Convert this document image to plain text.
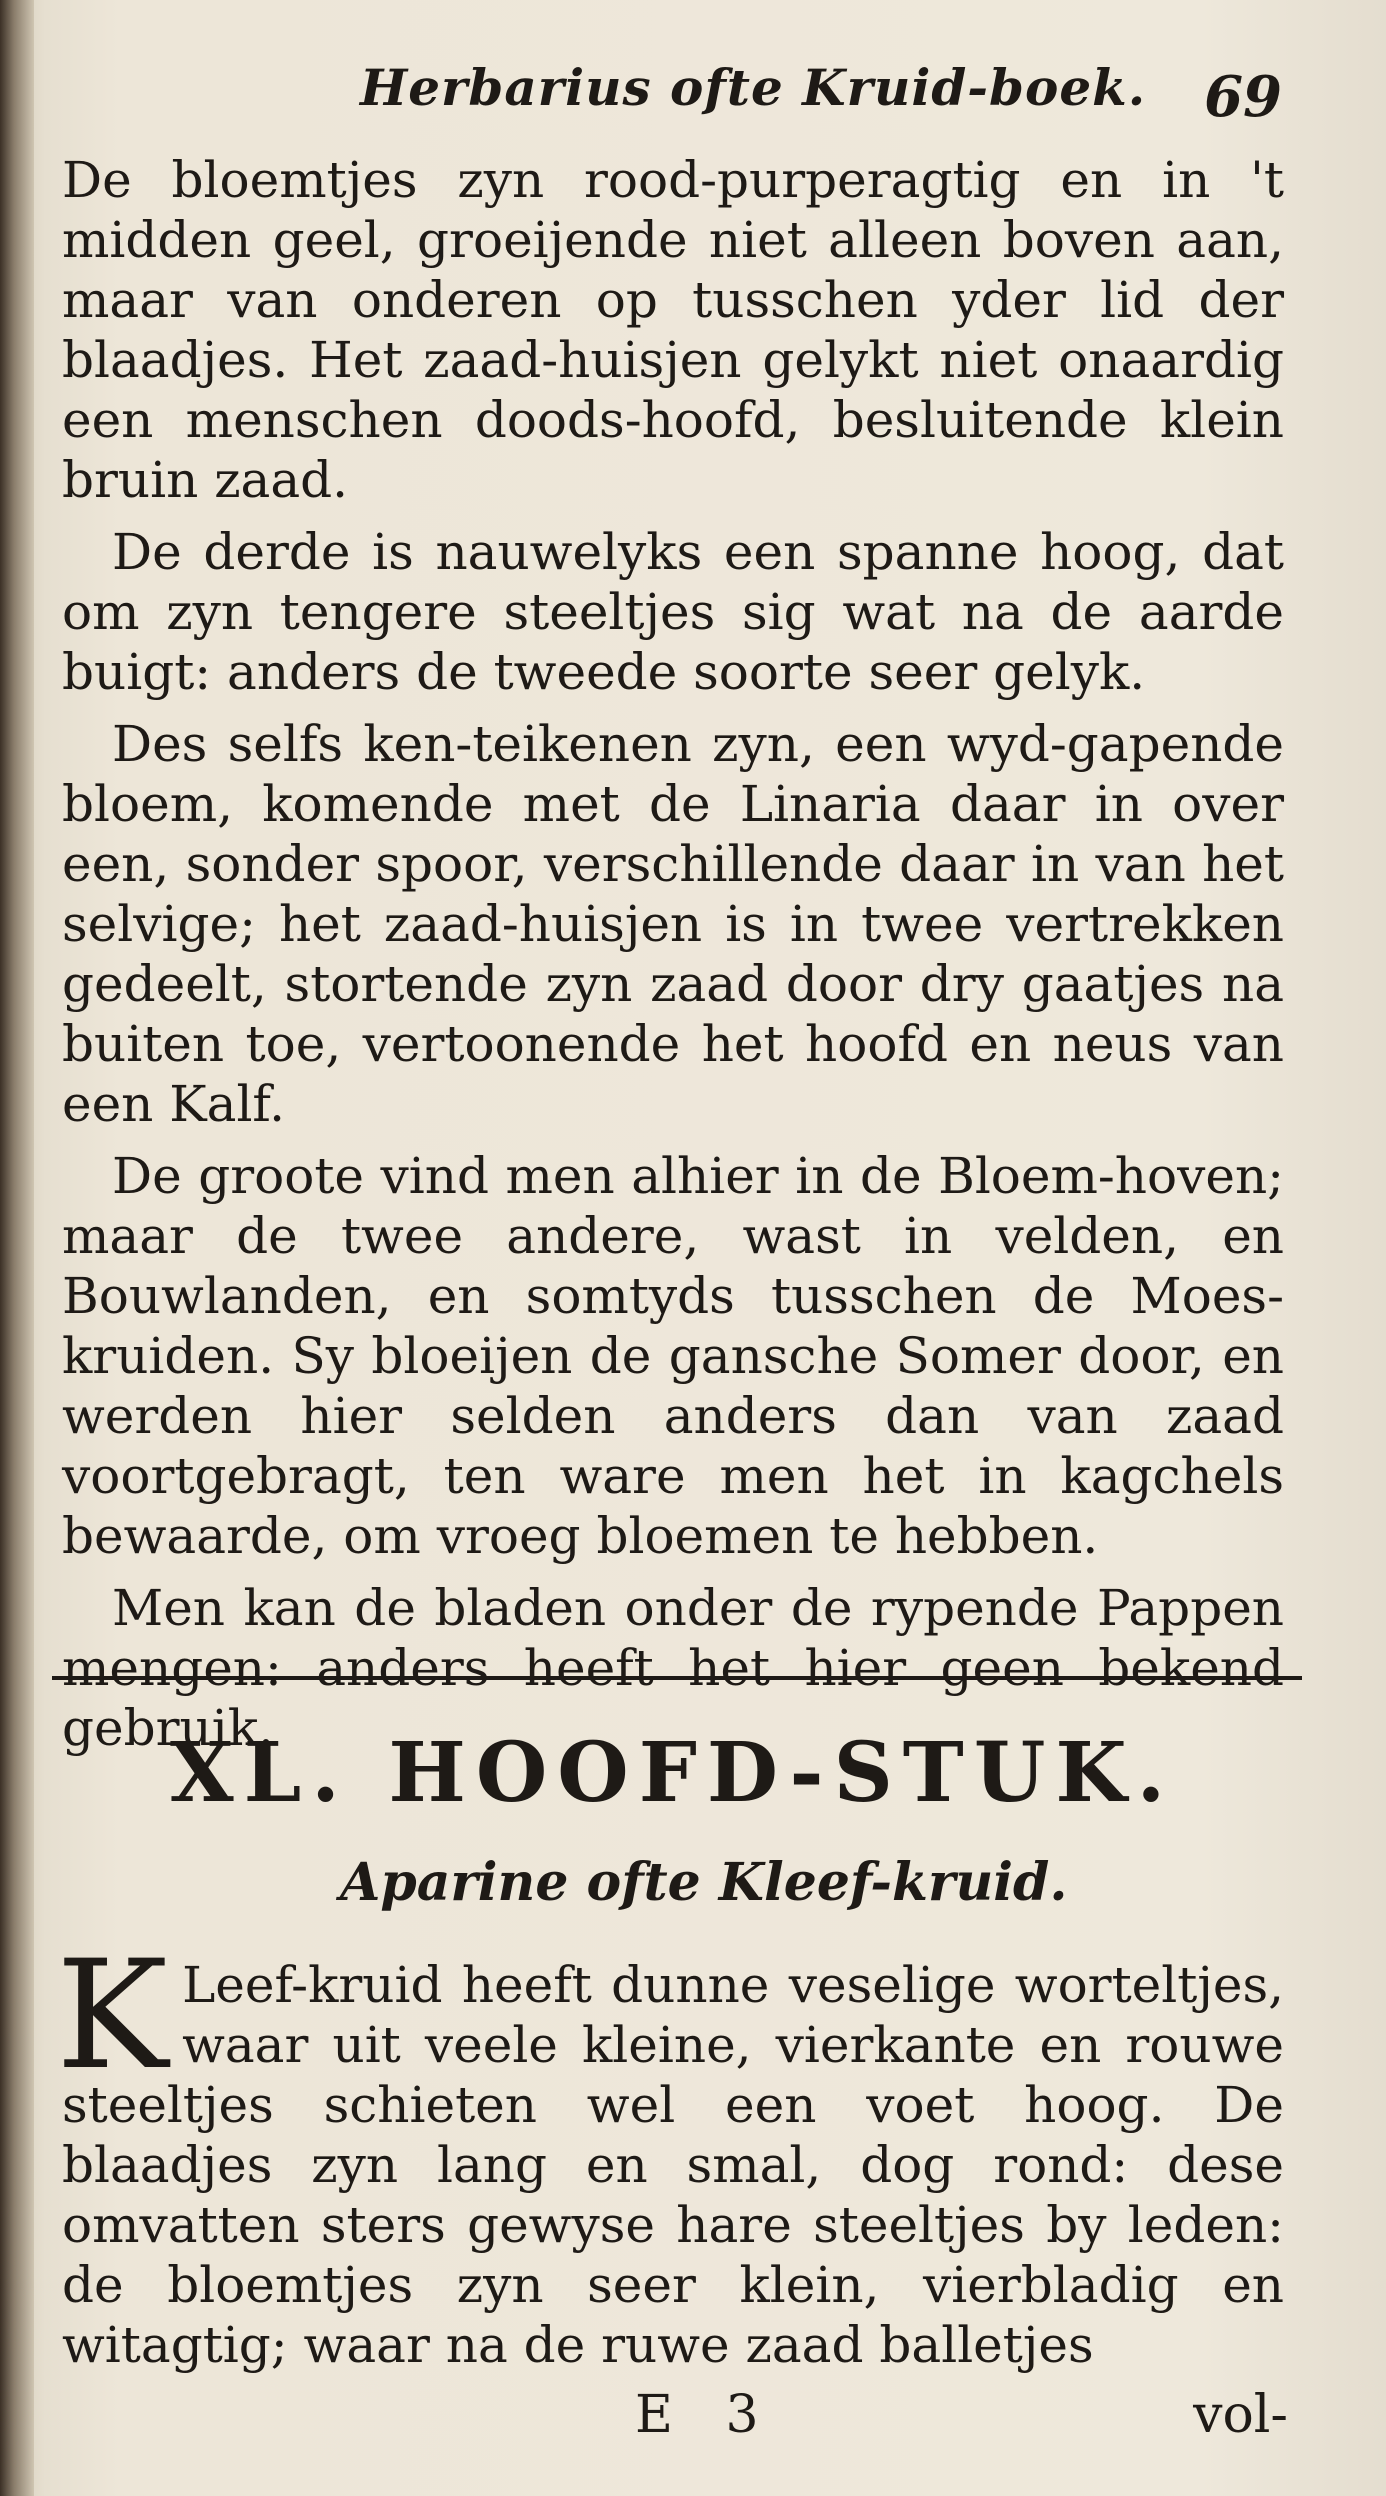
Herbarius ofte Kruid-boek. 69

De bloemtjes zyn rood-purperagtig en in 't midden geel, groeijende niet alleen boven aan, maar van onderen op tusschen yder lid der blaadjes. Het zaad-huisjen gelykt niet onaardig een menschen doods-hoofd, besluitende klein bruin zaad.

De derde is nauwelyks een spanne hoog, dat om zyn tengere steeltjes sig wat na de aarde buigt: anders de tweede soorte seer gelyk.

Des selfs ken-teikenen zyn, een wyd-gapende bloem, komende met de Linaria daar in over een, sonder spoor, verschillende daar in van het selvige; het zaad-huisjen is in twee vertrekken gedeelt, stortende zyn zaad door dry gaatjes na buiten toe, vertoonende het hoofd en neus van een Kalf.

De groote vind men alhier in de Bloem-hoven; maar de twee andere, wast in velden, en Bouwlanden, en somtyds tusschen de Moes-kruiden. Sy bloeijen de gansche Somer door, en werden hier selden anders dan van zaad voortgebragt, ten ware men het in kagchels bewaarde, om vroeg bloemen te hebben.

Men kan de bladen onder de rypende Pappen mengen: anders heeft het hier geen bekend gebruik.

XL. HOOFD-STUK.
Aparine ofte Kleef-kruid.
K Leef-kruid heeft dunne veselige worteltjes, waar uit veele kleine, vierkante en rouwe steeltjes schieten wel een voet hoog. De blaadjes zyn lang en smal, dog rond: dese omvatten sters gewyse hare steeltjes by leden: de bloemtjes zyn seer klein, vierbladig en witagtig; waar na de ruwe zaad balletjes
E 3	vol-
